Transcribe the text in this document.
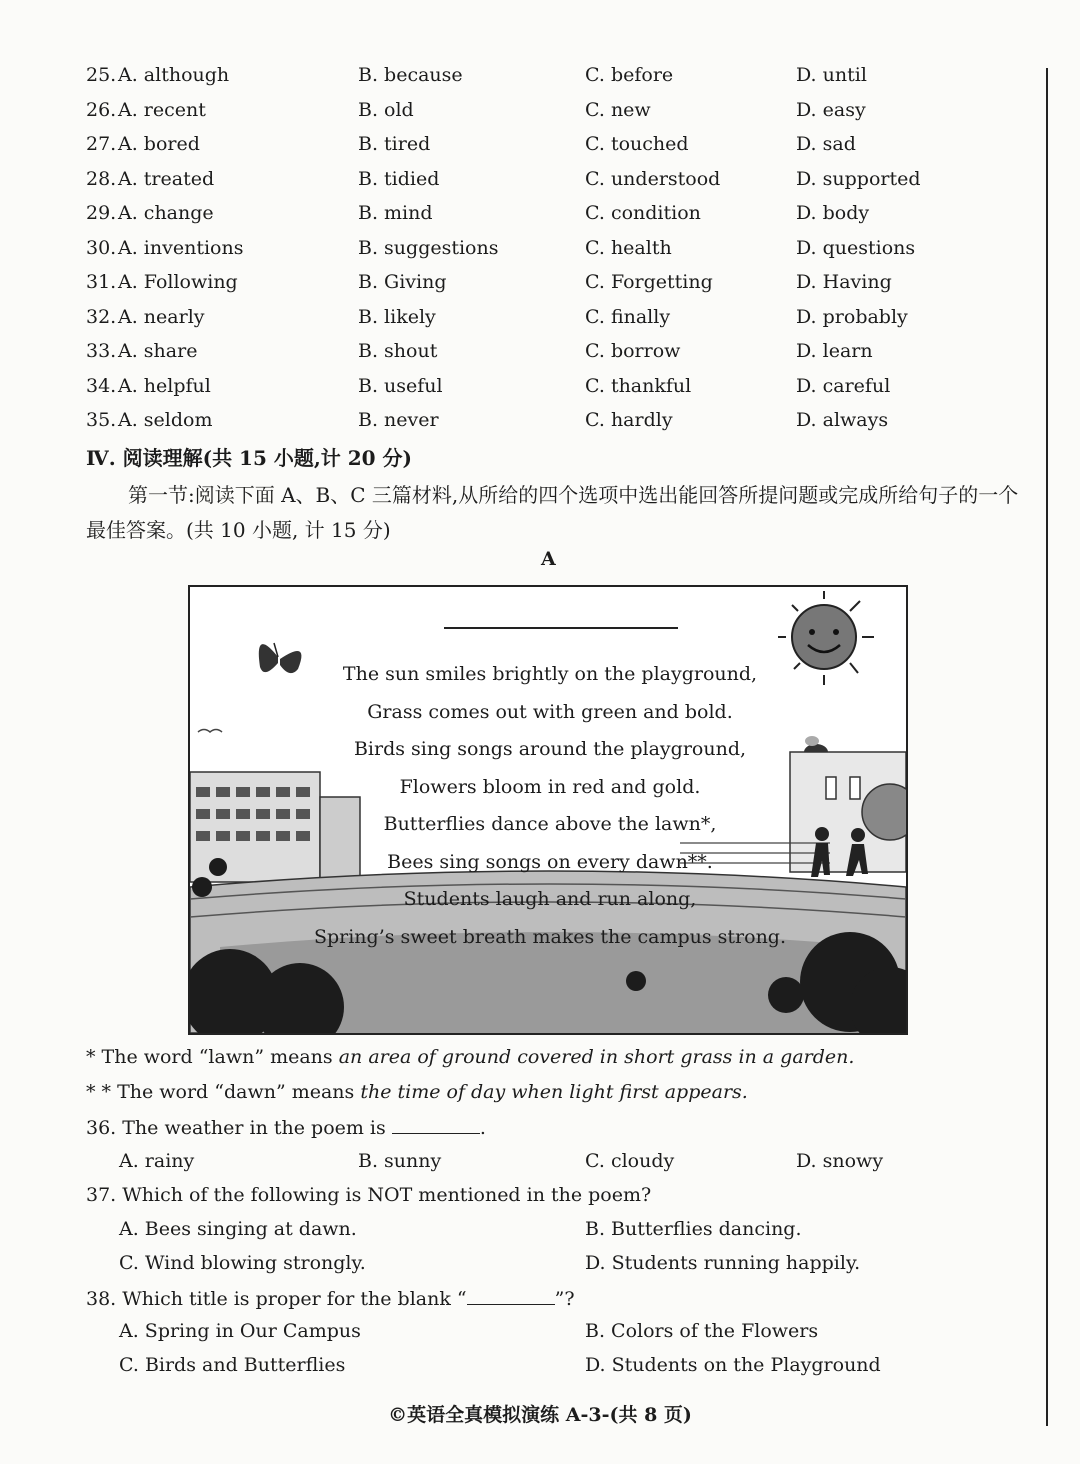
25. A. although	B. because	C. before	D. until
26. A. recent	B. old	C. new	D. easy
27. A. bored	B. tired	C. touched	D. sad
28. A. treated	B. tidied	C. understood	D. supported
29. A. change	B. mind	C. condition	D. body
30. A. inventions	B. suggestions	C. health	D. questions
31. A. Following	B. Giving	C. Forgetting	D. Having
32. A. nearly	B. likely	C. finally	D. probably
33. A. share	B. shout	C. borrow	D. learn
34. A. helpful	B. useful	C. thankful	D. careful
35. A. seldom	B. never	C. hardly	D. always
Ⅳ. 阅读理解(共 15 小题,计 20 分)
第一节:阅读下面 A、B、C 三篇材料,从所给的四个选项中选出能回答所提问题或完成所给句子的一个最佳答案。(共 10 小题, 计 15 分)
A
The sun smiles brightly on the playground,
Grass comes out with green and bold.
Birds sing songs around the playground,
Flowers bloom in red and gold.
Butterflies dance above the lawn*,
Bees sing songs on every dawn**.
Students laugh and run along,
Spring’s sweet breath makes the campus strong.
* The word “lawn” means an area of ground covered in short grass in a garden.
* * The word “dawn” means the time of day when light first appears.
36. The weather in the poem is	.
A. rainy	B. sunny	C. cloudy	D. snowy
37. Which of the following is NOT mentioned in the poem?
A. Bees singing at dawn.	B. Butterflies dancing.
C. Wind blowing strongly.	D. Students running happily.
38. Which title is proper for the blank “	”?
A. Spring in Our Campus	B. Colors of the Flowers
C. Birds and Butterflies	D. Students on the Playground
©英语全真模拟演练 A-3-(共 8 页)
